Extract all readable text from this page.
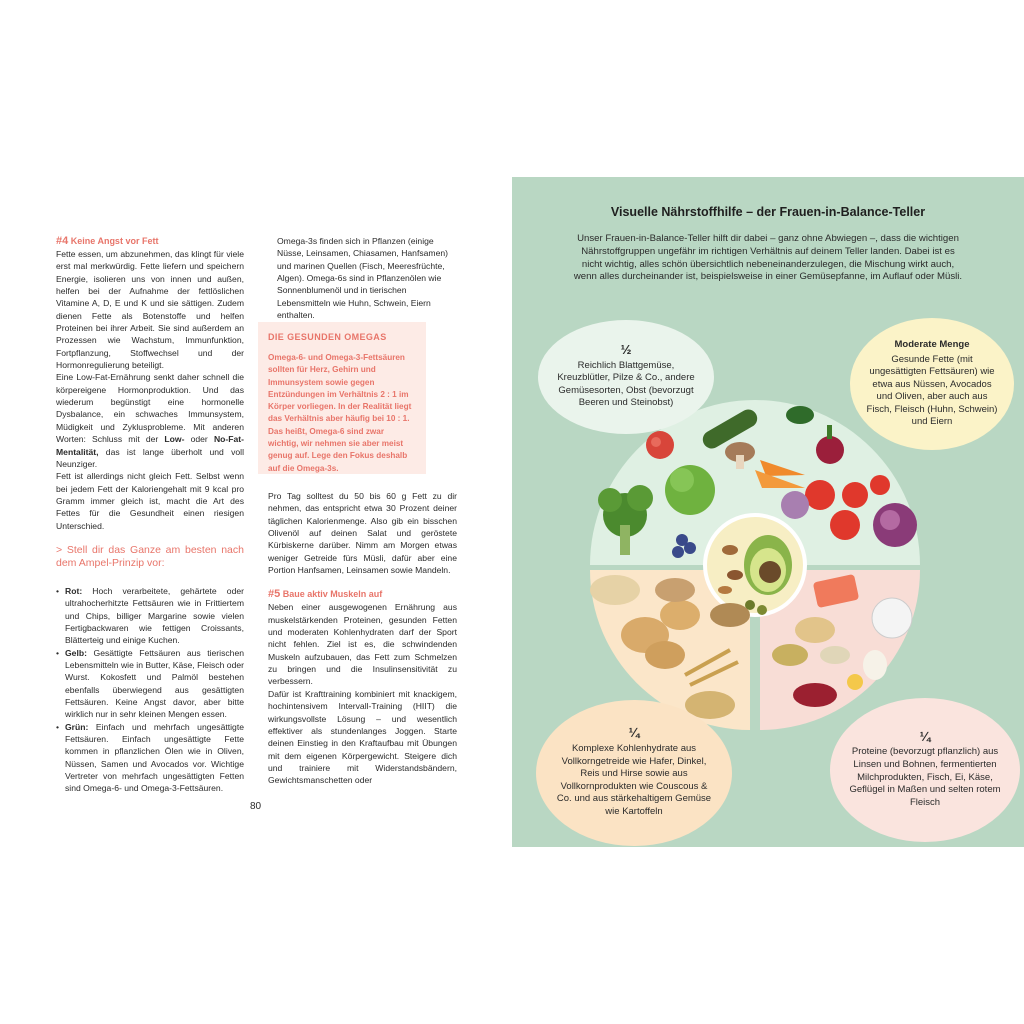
#4 Keine Angst vor Fett

Fette essen, um abzunehmen, das klingt für viele erst mal merkwürdig. Fette liefern und speichern Energie, isolieren uns von innen und außen, helfen bei der Aufnahme der fettlöslichen Vitamine A, D, E und K und sie sättigen. Zudem dienen Fette als Botenstoffe und helfen Proteinen bei ihrer Arbeit. Sie sind außerdem an Prozessen wie Wachstum, Immunfunktion, Fortpflanzung, Stoffwechsel und der Hormonregulierung beteiligt.

Eine Low-Fat-Ernährung senkt daher schnell die körpereigene Hormonproduktion. Und das wiederum begünstigt eine hormonelle Dysbalance, ein schwaches Immunsystem, Müdigkeit und Zyklusprobleme. Mit anderen Worten: Schluss mit der Low- oder No-Fat-Mentalität, das ist lange überholt und voll Neunziger.

Fett ist allerdings nicht gleich Fett. Selbst wenn bei jedem Fett der Kaloriengehalt mit 9 kcal pro Gramm immer gleich ist, macht die Art des Fettes für die Gesundheit einen riesigen Unterschied.

> Stell dir das Ganze am besten nach dem Ampel-Prinzip vor:
• Rot: Hoch verarbeitete, gehärtete oder ultrahocherhitzte Fettsäuren wie in Frittiertem und Chips, billiger Margarine sowie vielen Fertigbackwaren wie fettigen Croissants, Blätterteig und einige Kuchen.
• Gelb: Gesättigte Fettsäuren aus tierischen Lebensmitteln wie in Butter, Käse, Fleisch oder Wurst. Kokosfett und Palmöl bestehen ebenfalls überwiegend aus gesättigten Fettsäuren. Keine Angst davor, aber bitte wirklich nur in sehr kleinen Mengen essen.
• Grün: Einfach und mehrfach ungesättigte Fettsäuren. Einfach ungesättigte Fette kommen in pflanzlichen Ölen wie in Oliven, Nüssen, Samen und Avocados vor. Wichtige Vertreter von mehrfach ungesättigten Fetten sind Omega-6- und Omega-3-Fettsäuren.

Omega-3s finden sich in Pflanzen (einige Nüsse, Leinsamen, Chiasamen, Hanfsamen) und marinen Quellen (Fisch, Meeresfrüchte, Algen). Omega-6s sind in Pflanzenölen wie Sonnenblumenöl und in tierischen Lebensmitteln wie Huhn, Schwein, Eiern enthalten.

DIE GESUNDEN OMEGAS
Omega-6- und Omega-3-Fettsäuren sollten für Herz, Gehirn und Immunsystem sowie gegen Entzündungen im Verhältnis 2 : 1 im Körper vorliegen. In der Realität liegt das Verhältnis aber häufig bei 10 : 1. Das heißt, Omega-6 sind zwar wichtig, wir nehmen sie aber meist genug auf. Lege den Fokus deshalb auf die Omega-3s.

Pro Tag solltest du 50 bis 60 g Fett zu dir nehmen, das entspricht etwa 30 Prozent deiner täglichen Kalorienmenge. Also gib ein bisschen Olivenöl auf deinen Salat und geröstete Kürbiskerne darüber. Nimm am Morgen etwas weniger Getreide fürs Müsli, dafür aber eine Portion Hanfsamen, Leinsamen sowie Mandeln.

#5 Baue aktiv Muskeln auf

Neben einer ausgewogenen Ernährung aus muskelstärkenden Proteinen, gesunden Fetten und moderaten Kohlenhydraten darf der Sport nicht fehlen. Ziel ist es, die schwindenden Muskeln aufzubauen, das Fett zum Schmelzen zu bringen und die Insulinsensitivität zu verbessern.

Dafür ist Krafttraining kombiniert mit knackigem, hochintensivem Intervall-Training (HIIT) die wirkungsvollste Lösung – und wesentlich effektiver als stundenlanges Joggen. Starte deinen Einstieg in den Kraftaufbau mit Übungen mit dem eigenen Körpergewicht. Steigere dich und trainiere mit Widerstandsbändern, Gewichtsmanschetten oder

80
Visuelle Nährstoffhilfe – der Frauen-in-Balance-Teller
Unser Frauen-in-Balance-Teller hilft dir dabei – ganz ohne Abwiegen –, dass die wichtigen Nährstoffgruppen ungefähr im richtigen Verhältnis auf deinem Teller landen. Dabei ist es nicht wichtig, alles schön übersichtlich nebeneinanderzulegen, die Mischung wirkt auch, wenn alles durcheinander ist, beispielsweise in einer Gemüsepfanne, im Auflauf oder Müsli.
½
Reichlich Blattgemüse, Kreuzblütler, Pilze & Co., andere Gemüsesorten, Obst (bevorzugt Beeren und Steinobst)
Moderate Menge
Gesunde Fette (mit ungesättigten Fettsäuren) wie etwa aus Nüssen, Avocados und Oliven, aber auch aus Fisch, Fleisch (Huhn, Schwein) und Eiern
¼
Komplexe Kohlenhydrate aus Vollkorngetreide wie Hafer, Dinkel, Reis und Hirse sowie aus Vollkornprodukten wie Couscous & Co. und aus stärkehaltigem Gemüse wie Kartoffeln
¼
Proteine (bevorzugt pflanzlich) aus Linsen und Bohnen, fermentierten Milchprodukten, Fisch, Ei, Käse, Geflügel in Maßen und selten rotem Fleisch
